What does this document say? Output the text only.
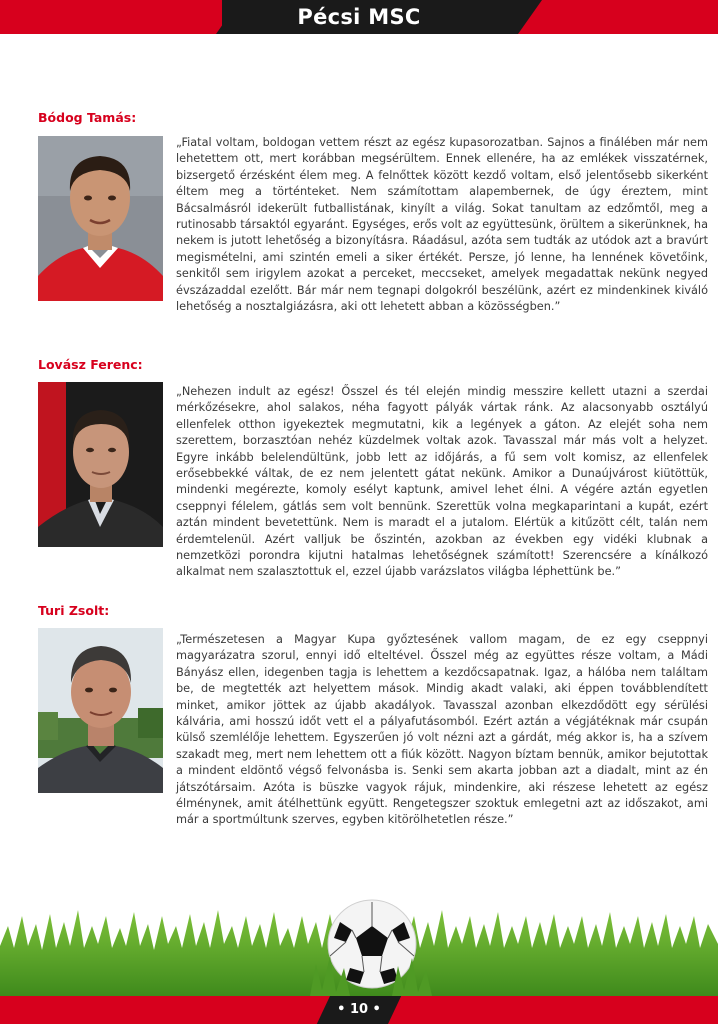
Pécsi MSC
Bódog Tamás:
„Fiatal voltam, boldogan vettem részt az egész kupasorozatban. Sajnos a finálében már nem lehetettem ott, mert korábban megsérültem. Ennek ellenére, ha az emlékek visszatérnek, bizsergető érzésként élem meg. A felnőttek között kezdő voltam, első jelentősebb sikerként éltem meg a történteket. Nem számítottam alapembernek, de úgy éreztem, mint Bácsalmásról idekerült futballistának, kinyílt a világ. Sokat tanultam az edzőmtől, meg a rutinosabb társaktól egyaránt. Egységes, erős volt az együttesünk, örültem a sikerünknek, ha nekem is jutott lehetőség a bizonyításra. Ráadásul, azóta sem tudták az utódok azt a bravúrt megismételni, ami szintén emeli a siker értékét. Persze, jó lenne, ha lennének követőink, senkitől sem irigylem azokat a perceket, meccseket, amelyek megadattak nekünk negyed évszázaddal ezelőtt. Bár már nem tegnapi dolgokról beszélünk, azért ez mindenkinek kiváló lehetőség a nosztalgiázásra, aki ott lehetett abban a közösségben.”
Lovász Ferenc:
„Nehezen indult az egész! Ősszel és tél elején mindig messzire kellett utazni a szerdai mérkőzésekre, ahol salakos, néha fagyott pályák vártak ránk. Az alacsonyabb osztályú ellenfelek otthon igyekeztek megmutatni, kik a legények a gáton. Az elejét soha nem szerettem, borzasztóan nehéz küzdelmek voltak azok. Tavasszal már más volt a helyzet. Egyre inkább belelendültünk, jobb lett az időjárás, a fű sem volt komisz, az ellenfelek erősebbekké váltak, de ez nem jelentett gátat nekünk. Amikor a Dunaújvárost kiütöttük, mindenki megérezte, komoly esélyt kaptunk, amivel lehet élni. A végére aztán egyetlen cseppnyi félelem, gátlás sem volt bennünk. Szerettük volna megkaparintani a kupát, ezért aztán mindent bevetettünk. Nem is maradt el a jutalom. Elértük a kitűzött célt, talán nem érdemtelenül. Azért valljuk be őszintén, azokban az években egy vidéki klubnak a nemzetközi porondra kijutni hatalmas lehetőségnek számított! Szerencsére a kínálkozó alkalmat nem szalasztottuk el, ezzel újabb varázslatos világba léphettünk be.”
Turi Zsolt:
„Természetesen a Magyar Kupa győztesének vallom magam, de ez egy cseppnyi magyarázatra szorul, ennyi idő elteltével. Ősszel még az együttes része voltam, a Mádi Bányász ellen, idegenben tagja is lehettem a kezdőcsapatnak. Igaz, a hálóba nem találtam be, de megtették azt helyettem mások. Mindig akadt valaki, aki éppen továbblendített minket, amikor jöttek az újabb akadályok. Tavasszal azonban elkezdődött egy sérülési kálvária, ami hosszú időt vett el a pályafutásomból. Ezért aztán a végjátéknak már csupán külső szemlélője lehettem. Egyszerűen jó volt nézni azt a gárdát, még akkor is, ha a szívem szakadt meg, mert nem lehettem ott a fiúk között. Nagyon bíztam bennük, amikor bejutottak a mindent eldöntő végső felvonásba is. Senki sem akarta jobban azt a diadalt, mint az én játszótársaim. Azóta is büszke vagyok rájuk, mindenkire, aki részese lehetett az egész élménynek, amit átélhettünk együtt. Rengetegszer szoktuk emlegetni azt az időszakot, ami már a sportmúltunk szerves, egyben kitörölhetetlen része.”
• 10 •
